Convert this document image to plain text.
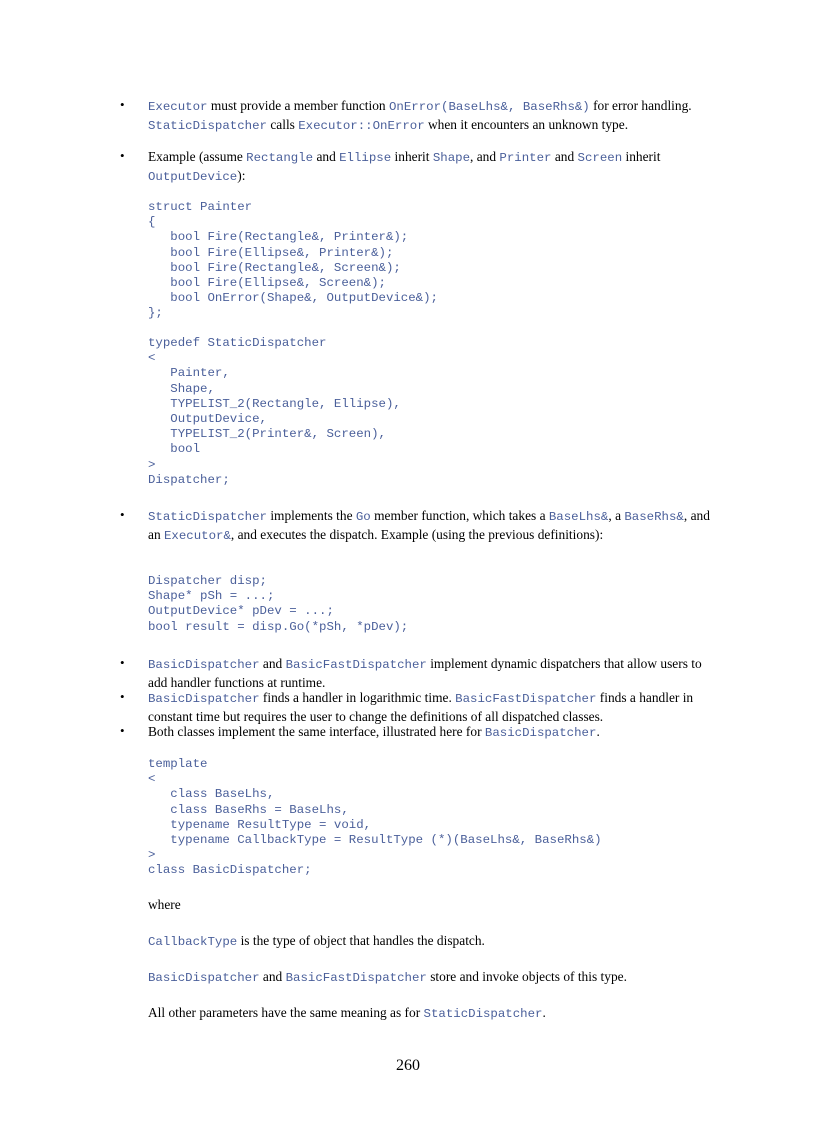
• Executor must provide a member function OnError(BaseLhs&, BaseRhs&) for error handling. StaticDispatcher calls Executor::OnError when it encounters an unknown type.
• Example (assume Rectangle and Ellipse inherit Shape, and Printer and Screen inherit OutputDevice):
struct Painter
{
bool Fire(Rectangle&, Printer&);
bool Fire(Ellipse&, Printer&);
bool Fire(Rectangle&, Screen&);
bool Fire(Ellipse&, Screen&);
bool OnError(Shape&, OutputDevice&);
};
typedef StaticDispatcher
<
Painter,
Shape,
TYPELIST_2(Rectangle, Ellipse),
OutputDevice,
TYPELIST_2(Printer&, Screen),
bool
>
Dispatcher;
• StaticDispatcher implements the Go member function, which takes a BaseLhs&, a BaseRhs&, and an Executor&, and executes the dispatch. Example (using the previous definitions):
Dispatcher disp;
Shape* pSh = ...;
OutputDevice* pDev = ...;
bool result = disp.Go(*pSh, *pDev);
• BasicDispatcher and BasicFastDispatcher implement dynamic dispatchers that allow users to add handler functions at runtime.
• BasicDispatcher finds a handler in logarithmic time. BasicFastDispatcher finds a handler in constant time but requires the user to change the definitions of all dispatched classes.
• Both classes implement the same interface, illustrated here for BasicDispatcher.
template
<
class BaseLhs,
class BaseRhs = BaseLhs,
typename ResultType = void,
typename CallbackType = ResultType (*)(BaseLhs&, BaseRhs&)
>
class BasicDispatcher;
where
CallbackType is the type of object that handles the dispatch.
BasicDispatcher and BasicFastDispatcher store and invoke objects of this type.
All other parameters have the same meaning as for StaticDispatcher.
260
